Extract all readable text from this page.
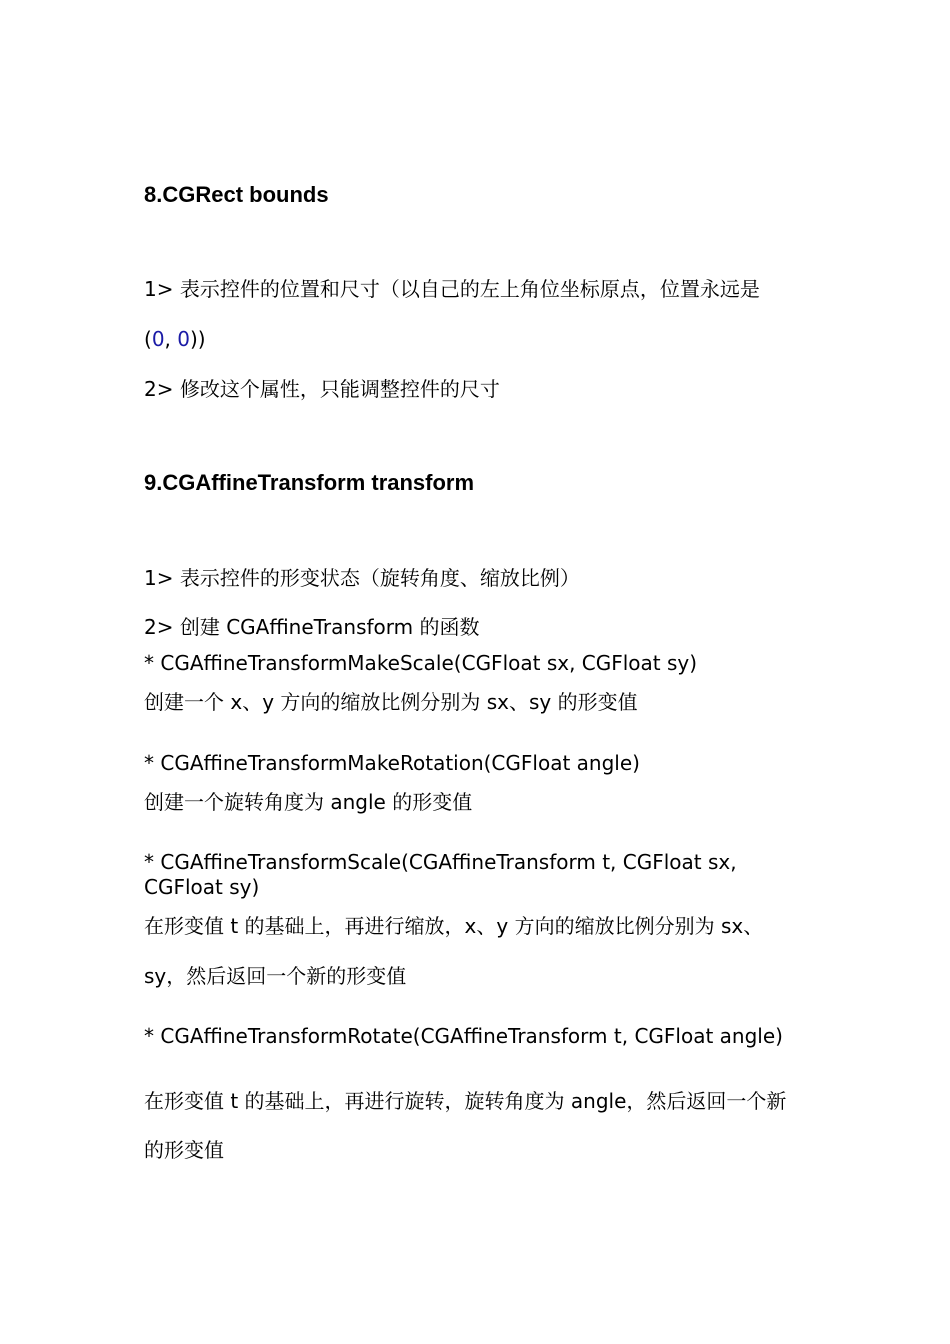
8.CGRect bounds
1> 表示控件的位置和尺寸（以自己的左上角位坐标原点，位置永远是
(0, 0))
2> 修改这个属性，只能调整控件的尺寸
9.CGAffineTransform transform
1> 表示控件的形变状态（旋转角度、缩放比例）
2> 创建 CGAffineTransform 的函数
* CGAffineTransformMakeScale(CGFloat sx, CGFloat sy)
创建一个 x、y 方向的缩放比例分别为 sx、sy 的形变值
* CGAffineTransformMakeRotation(CGFloat angle)
创建一个旋转角度为 angle 的形变值
* CGAffineTransformScale(CGAffineTransform t, CGFloat sx, CGFloat sy)
在形变值 t 的基础上，再进行缩放，x、y 方向的缩放比例分别为 sx、
sy，然后返回一个新的形变值
* CGAffineTransformRotate(CGAffineTransform t, CGFloat angle)
在形变值 t 的基础上，再进行旋转，旋转角度为 angle，然后返回一个新
的形变值
